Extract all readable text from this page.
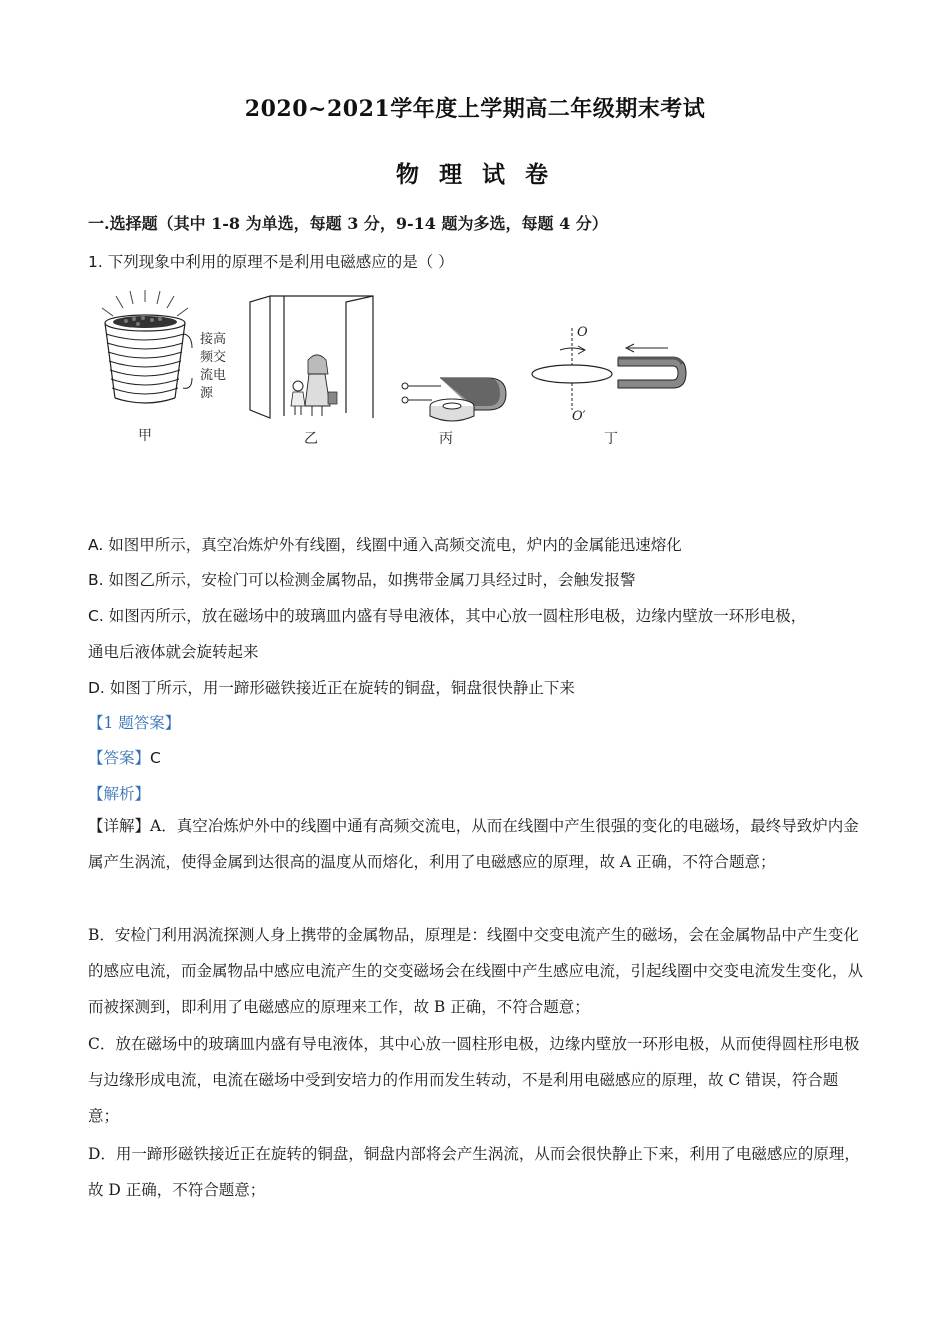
2020~2021学年度上学期高二年级期末考试
物 理 试 卷
一.选择题（其中 1-8 为单选，每题 3 分，9-14 题为多选，每题 4 分）
1. 下列现象中利用的原理不是利用电磁感应的是（ ）
接高
频交
流电
源
甲	乙	丙
O
O′
丁
A. 如图甲所示，真空冶炼炉外有线圈，线圈中通入高频交流电，炉内的金属能迅速熔化
B. 如图乙所示，安检门可以检测金属物品，如携带金属刀具经过时，会触发报警
C. 如图丙所示，放在磁场中的玻璃皿内盛有导电液体，其中心放一圆柱形电极，边缘内壁放一环形电极，
通电后液体就会旋转起来
D. 如图丁所示，用一蹄形磁铁接近正在旋转的铜盘，铜盘很快静止下来
【1 题答案】
【答案】C
【解析】
【详解】A．真空冶炼炉外中的线圈中通有高频交流电，从而在线圈中产生很强的变化的电磁场，最终导致炉内金属产生涡流，使得金属到达很高的温度从而熔化，利用了电磁感应的原理，故 A 正确，不符合题意；
B．安检门利用涡流探测人身上携带的金属物品，原理是：线圈中交变电流产生的磁场，会在金属物品中产生变化的感应电流，而金属物品中感应电流产生的交变磁场会在线圈中产生感应电流，引起线圈中交变电流发生变化，从而被探测到，即利用了电磁感应的原理来工作，故 B 正确，不符合题意；
C．放在磁场中的玻璃皿内盛有导电液体，其中心放一圆柱形电极，边缘内壁放一环形电极，从而使得圆柱形电极与边缘形成电流，电流在磁场中受到安培力的作用而发生转动，不是利用电磁感应的原理，故 C 错误，符合题意；
D．用一蹄形磁铁接近正在旋转的铜盘，铜盘内部将会产生涡流，从而会很快静止下来，利用了电磁感应的原理，故 D 正确，不符合题意；
